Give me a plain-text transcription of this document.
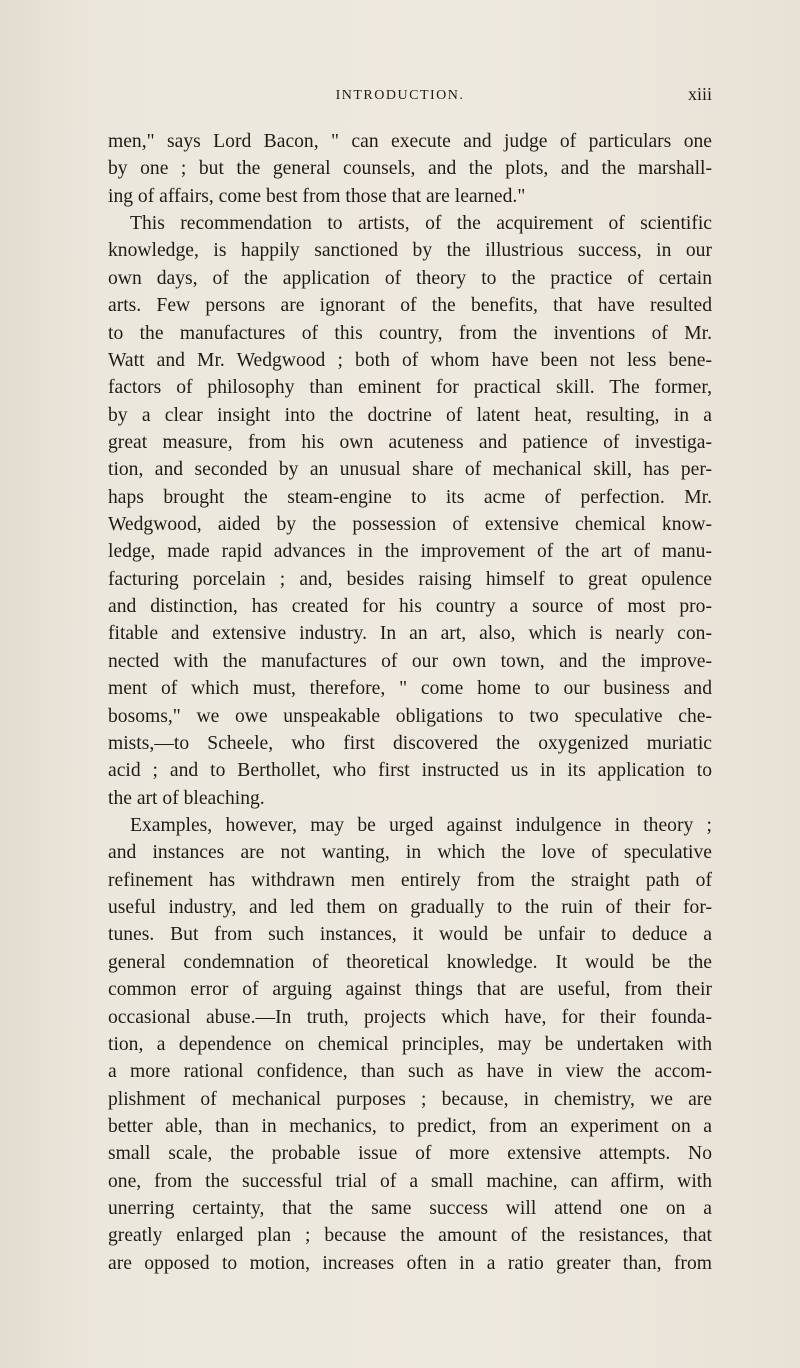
INTRODUCTION.	xiii
men," says Lord Bacon, " can execute and judge of particulars one
by one ; but the general counsels, and the plots, and the marshall-
ing of affairs, come best from those that are learned."
This recommendation to artists, of the acquirement of scientific
knowledge, is happily sanctioned by the illustrious success, in our
own days, of the application of theory to the practice of certain
arts. Few persons are ignorant of the benefits, that have resulted
to the manufactures of this country, from the inventions of Mr.
Watt and Mr. Wedgwood ; both of whom have been not less bene-
factors of philosophy than eminent for practical skill. The former,
by a clear insight into the doctrine of latent heat, resulting, in a
great measure, from his own acuteness and patience of investiga-
tion, and seconded by an unusual share of mechanical skill, has per-
haps brought the steam-engine to its acme of perfection. Mr.
Wedgwood, aided by the possession of extensive chemical know-
ledge, made rapid advances in the improvement of the art of manu-
facturing porcelain ; and, besides raising himself to great opulence
and distinction, has created for his country a source of most pro-
fitable and extensive industry. In an art, also, which is nearly con-
nected with the manufactures of our own town, and the improve-
ment of which must, therefore, " come home to our business and
bosoms," we owe unspeakable obligations to two speculative che-
mists,—to Scheele, who first discovered the oxygenized muriatic
acid ; and to Berthollet, who first instructed us in its application to
the art of bleaching.
Examples, however, may be urged against indulgence in theory ;
and instances are not wanting, in which the love of speculative
refinement has withdrawn men entirely from the straight path of
useful industry, and led them on gradually to the ruin of their for-
tunes. But from such instances, it would be unfair to deduce a
general condemnation of theoretical knowledge. It would be the
common error of arguing against things that are useful, from their
occasional abuse.—In truth, projects which have, for their founda-
tion, a dependence on chemical principles, may be undertaken with
a more rational confidence, than such as have in view the accom-
plishment of mechanical purposes ; because, in chemistry, we are
better able, than in mechanics, to predict, from an experiment on a
small scale, the probable issue of more extensive attempts. No
one, from the successful trial of a small machine, can affirm, with
unerring certainty, that the same success will attend one on a
greatly enlarged plan ; because the amount of the resistances, that
are opposed to motion, increases often in a ratio greater than, from
